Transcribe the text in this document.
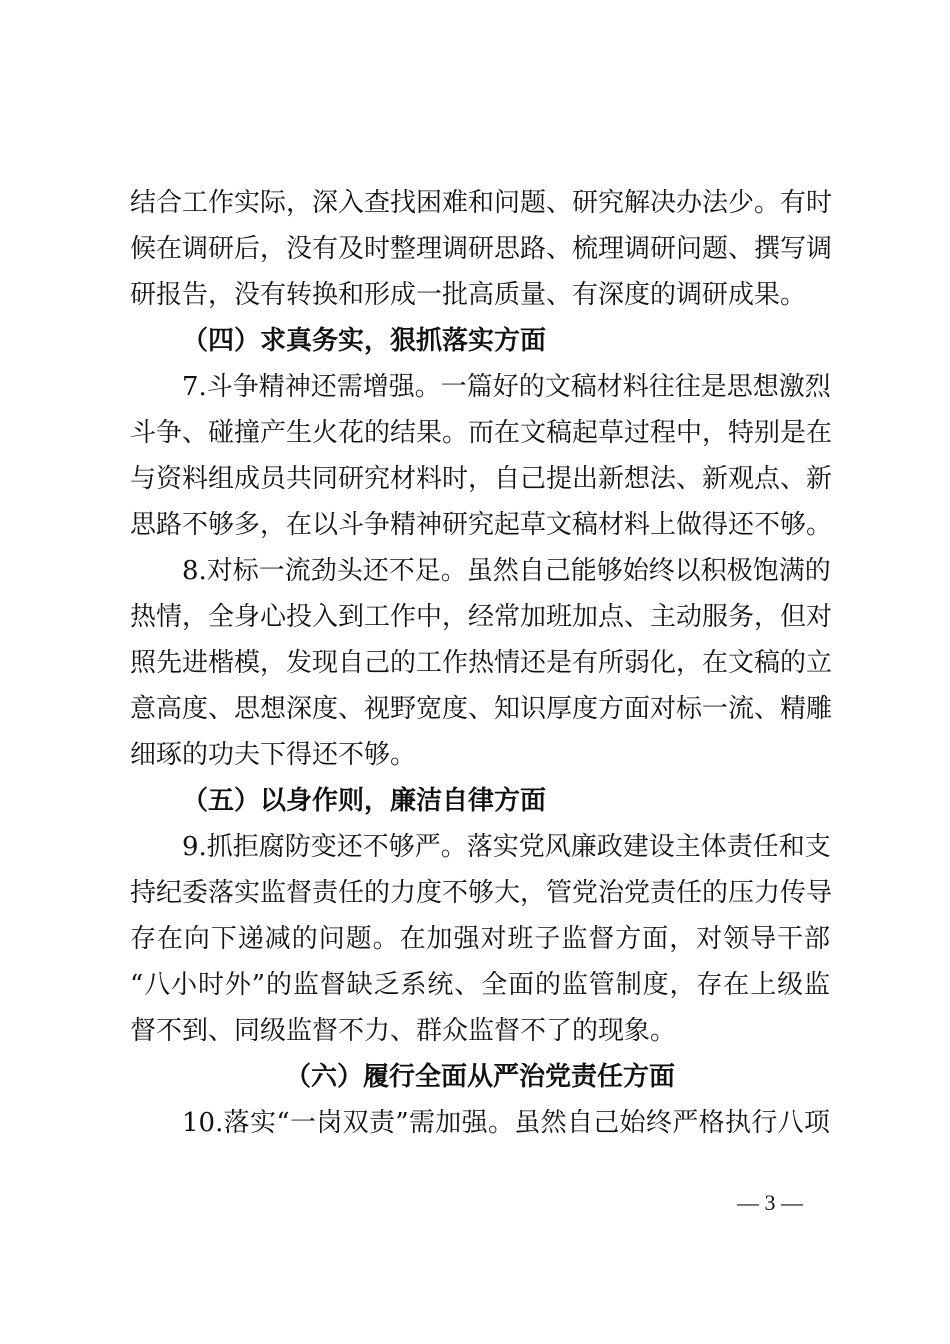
结合工作实际，深入查找困难和问题、研究解决办法少。有时
候在调研后，没有及时整理调研思路、梳理调研问题、撰写调
研报告，没有转换和形成一批高质量、有深度的调研成果。
（四）求真务实，狠抓落实方面
7.斗争精神还需增强。一篇好的文稿材料往往是思想激烈
斗争、碰撞产生火花的结果。而在文稿起草过程中，特别是在
与资料组成员共同研究材料时，自己提出新想法、新观点、新
思路不够多，在以斗争精神研究起草文稿材料上做得还不够。
8.对标一流劲头还不足。虽然自己能够始终以积极饱满的
热情，全身心投入到工作中，经常加班加点、主动服务，但对
照先进楷模，发现自己的工作热情还是有所弱化，在文稿的立
意高度、思想深度、视野宽度、知识厚度方面对标一流、精雕
细琢的功夫下得还不够。
（五）以身作则，廉洁自律方面
9.抓拒腐防变还不够严。落实党风廉政建设主体责任和支
持纪委落实监督责任的力度不够大，管党治党责任的压力传导
存在向下递减的问题。在加强对班子监督方面，对领导干部
“八小时外”的监督缺乏系统、全面的监管制度，存在上级监
督不到、同级监督不力、群众监督不了的现象。
（六）履行全面从严治党责任方面
10.落实“一岗双责”需加强。虽然自己始终严格执行八项
— 3 —
